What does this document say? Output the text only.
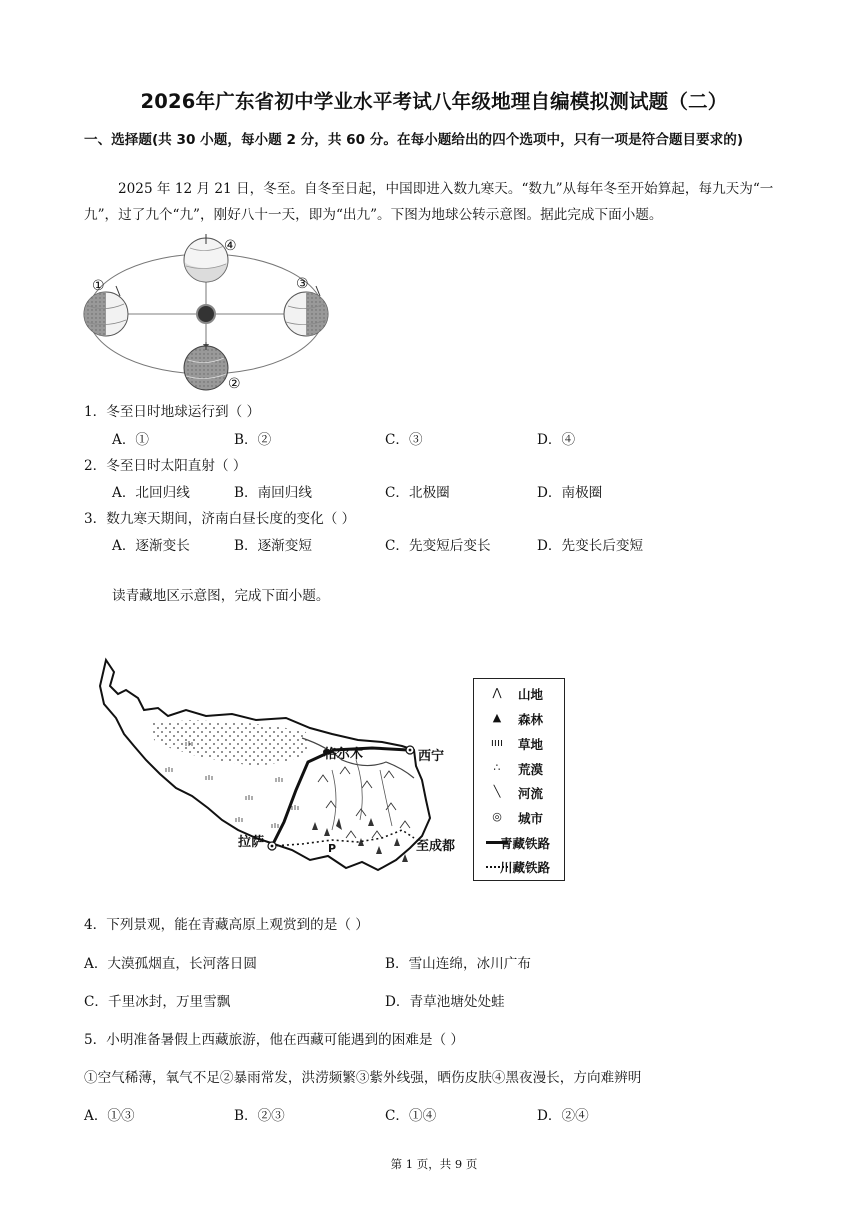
2026年广东省初中学业水平考试八年级地理自编模拟测试题（二）
一、选择题(共 30 小题，每小题 2 分，共 60 分。在每小题给出的四个选项中，只有一项是符合题目要求的)
2025 年 12 月 21 日，冬至。自冬至日起，中国即进入数九寒天。“数九”从每年冬至开始算起，每九天为“一九”，过了九个“九”，刚好八十一天，即为“出九”。下图为地球公转示意图。据此完成下面小题。
①
②
③
④
1．冬至日时地球运行到（ ）
A．①	B．②	C．③	D．④
2．冬至日时太阳直射（ ）
A．北回归线	B．南回归线	C．北极圈	D．南极圈
3．数九寒天期间，济南白昼长度的变化（ ）
A．逐渐变长	B．逐渐变短	C．先变短后变长	D．先变长后变短
读青藏地区示意图，完成下面小题。
格尔木	西宁
拉萨	P	至成都
⋀	山地
▲	森林
ıııı	草地
∴	荒漠
╲	河流
◎	城市
青藏铁路
川藏铁路
4．下列景观，能在青藏高原上观赏到的是（ ）
A．大漠孤烟直，长河落日圆	B．雪山连绵，冰川广布
C．千里冰封，万里雪飘	D．青草池塘处处蛙
5．小明准备暑假上西藏旅游，他在西藏可能遇到的困难是（ ）
①空气稀薄，氧气不足②暴雨常发，洪涝频繁③紫外线强，晒伤皮肤④黑夜漫长，方向难辨明
A．①③	B．②③	C．①④	D．②④
第 1 页，共 9 页
